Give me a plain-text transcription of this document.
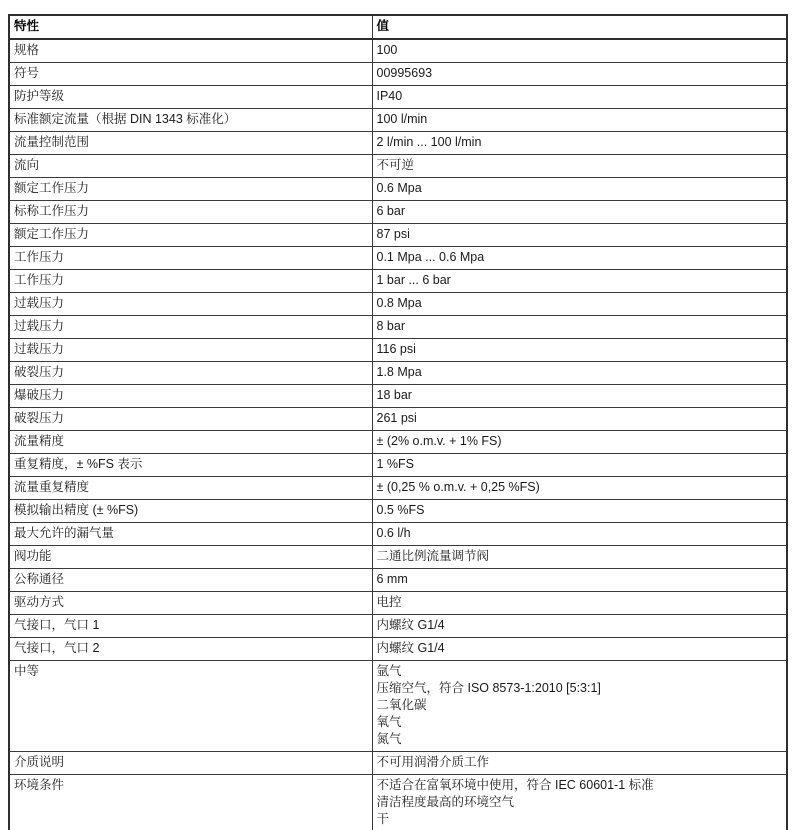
特性	值
规格	100

符号	00995693

防护等级	IP40

标准额定流量（根据 DIN 1343 标准化）	100 l/min

流量控制范围	2 l/min ... 100 l/min

流向	不可逆

额定工作压力	0.6 Mpa

标称工作压力	6 bar

额定工作压力	87 psi

工作压力	0.1 Mpa ... 0.6 Mpa

工作压力	1 bar ... 6 bar

过载压力	0.8 Mpa

过载压力	8 bar

过载压力	116 psi

破裂压力	1.8 Mpa

爆破压力	18 bar

破裂压力	261 psi

流量精度	± (2% o.m.v. + 1% FS)

重复精度，± %FS 表示	1 %FS

流量重复精度	± (0,25 % o.m.v. + 0,25 %FS)

模拟输出精度 (± %FS)	0.5 %FS

最大允许的漏气量	0.6 l/h

阀功能	二通比例流量调节阀

公称通径	6 mm

驱动方式	电控

气接口，气口 1	内螺纹 G1/4

气接口，气口 2	内螺纹 G1/4

中等	氩气
压缩空气，符合 ISO 8573-1:2010 [5:3:1]
二氧化碳
氧气
氮气

介质说明	不可用润滑介质工作

环境条件	不适合在富氧环境中使用，符合 IEC 60601-1 标准
清洁程度最高的环境空气
干
